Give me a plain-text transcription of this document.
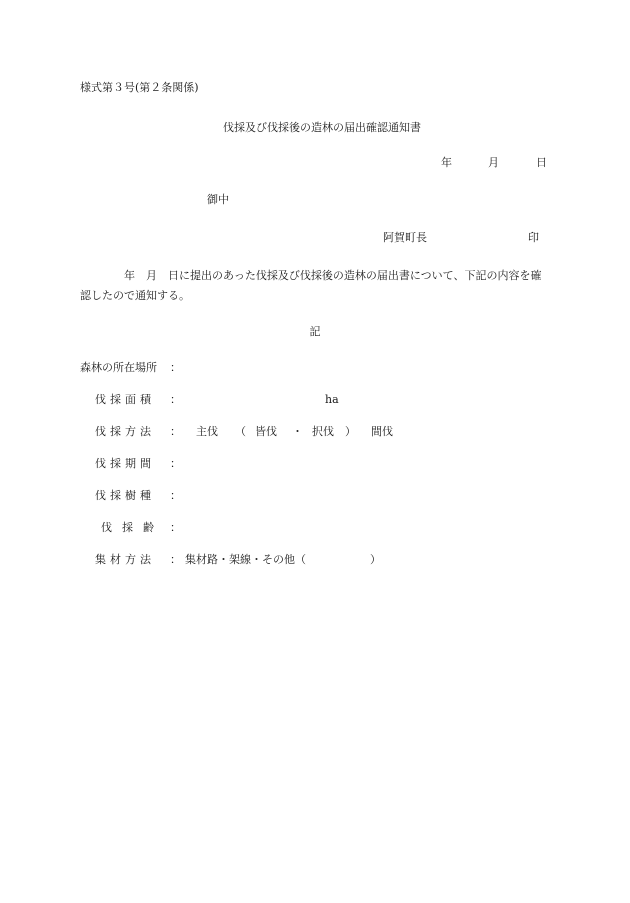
様式第３号(第２条関係)
伐採及び伐採後の造林の届出確認通知書
年	月	日
御中
阿賀町長	印
年　月　日に提出のあった伐採及び伐採後の造林の届出書について、下記の内容を確認したので通知する。
記
森林の所在場所 ：
伐採面積 ：	ha
伐採方法 ： 主伐 （ 皆伐 ・ 択伐 ） 間伐
伐採期間 ：
伐採樹種 ：
伐採齢 ：
集材方法 ： 集材路・架線・その他（	）
